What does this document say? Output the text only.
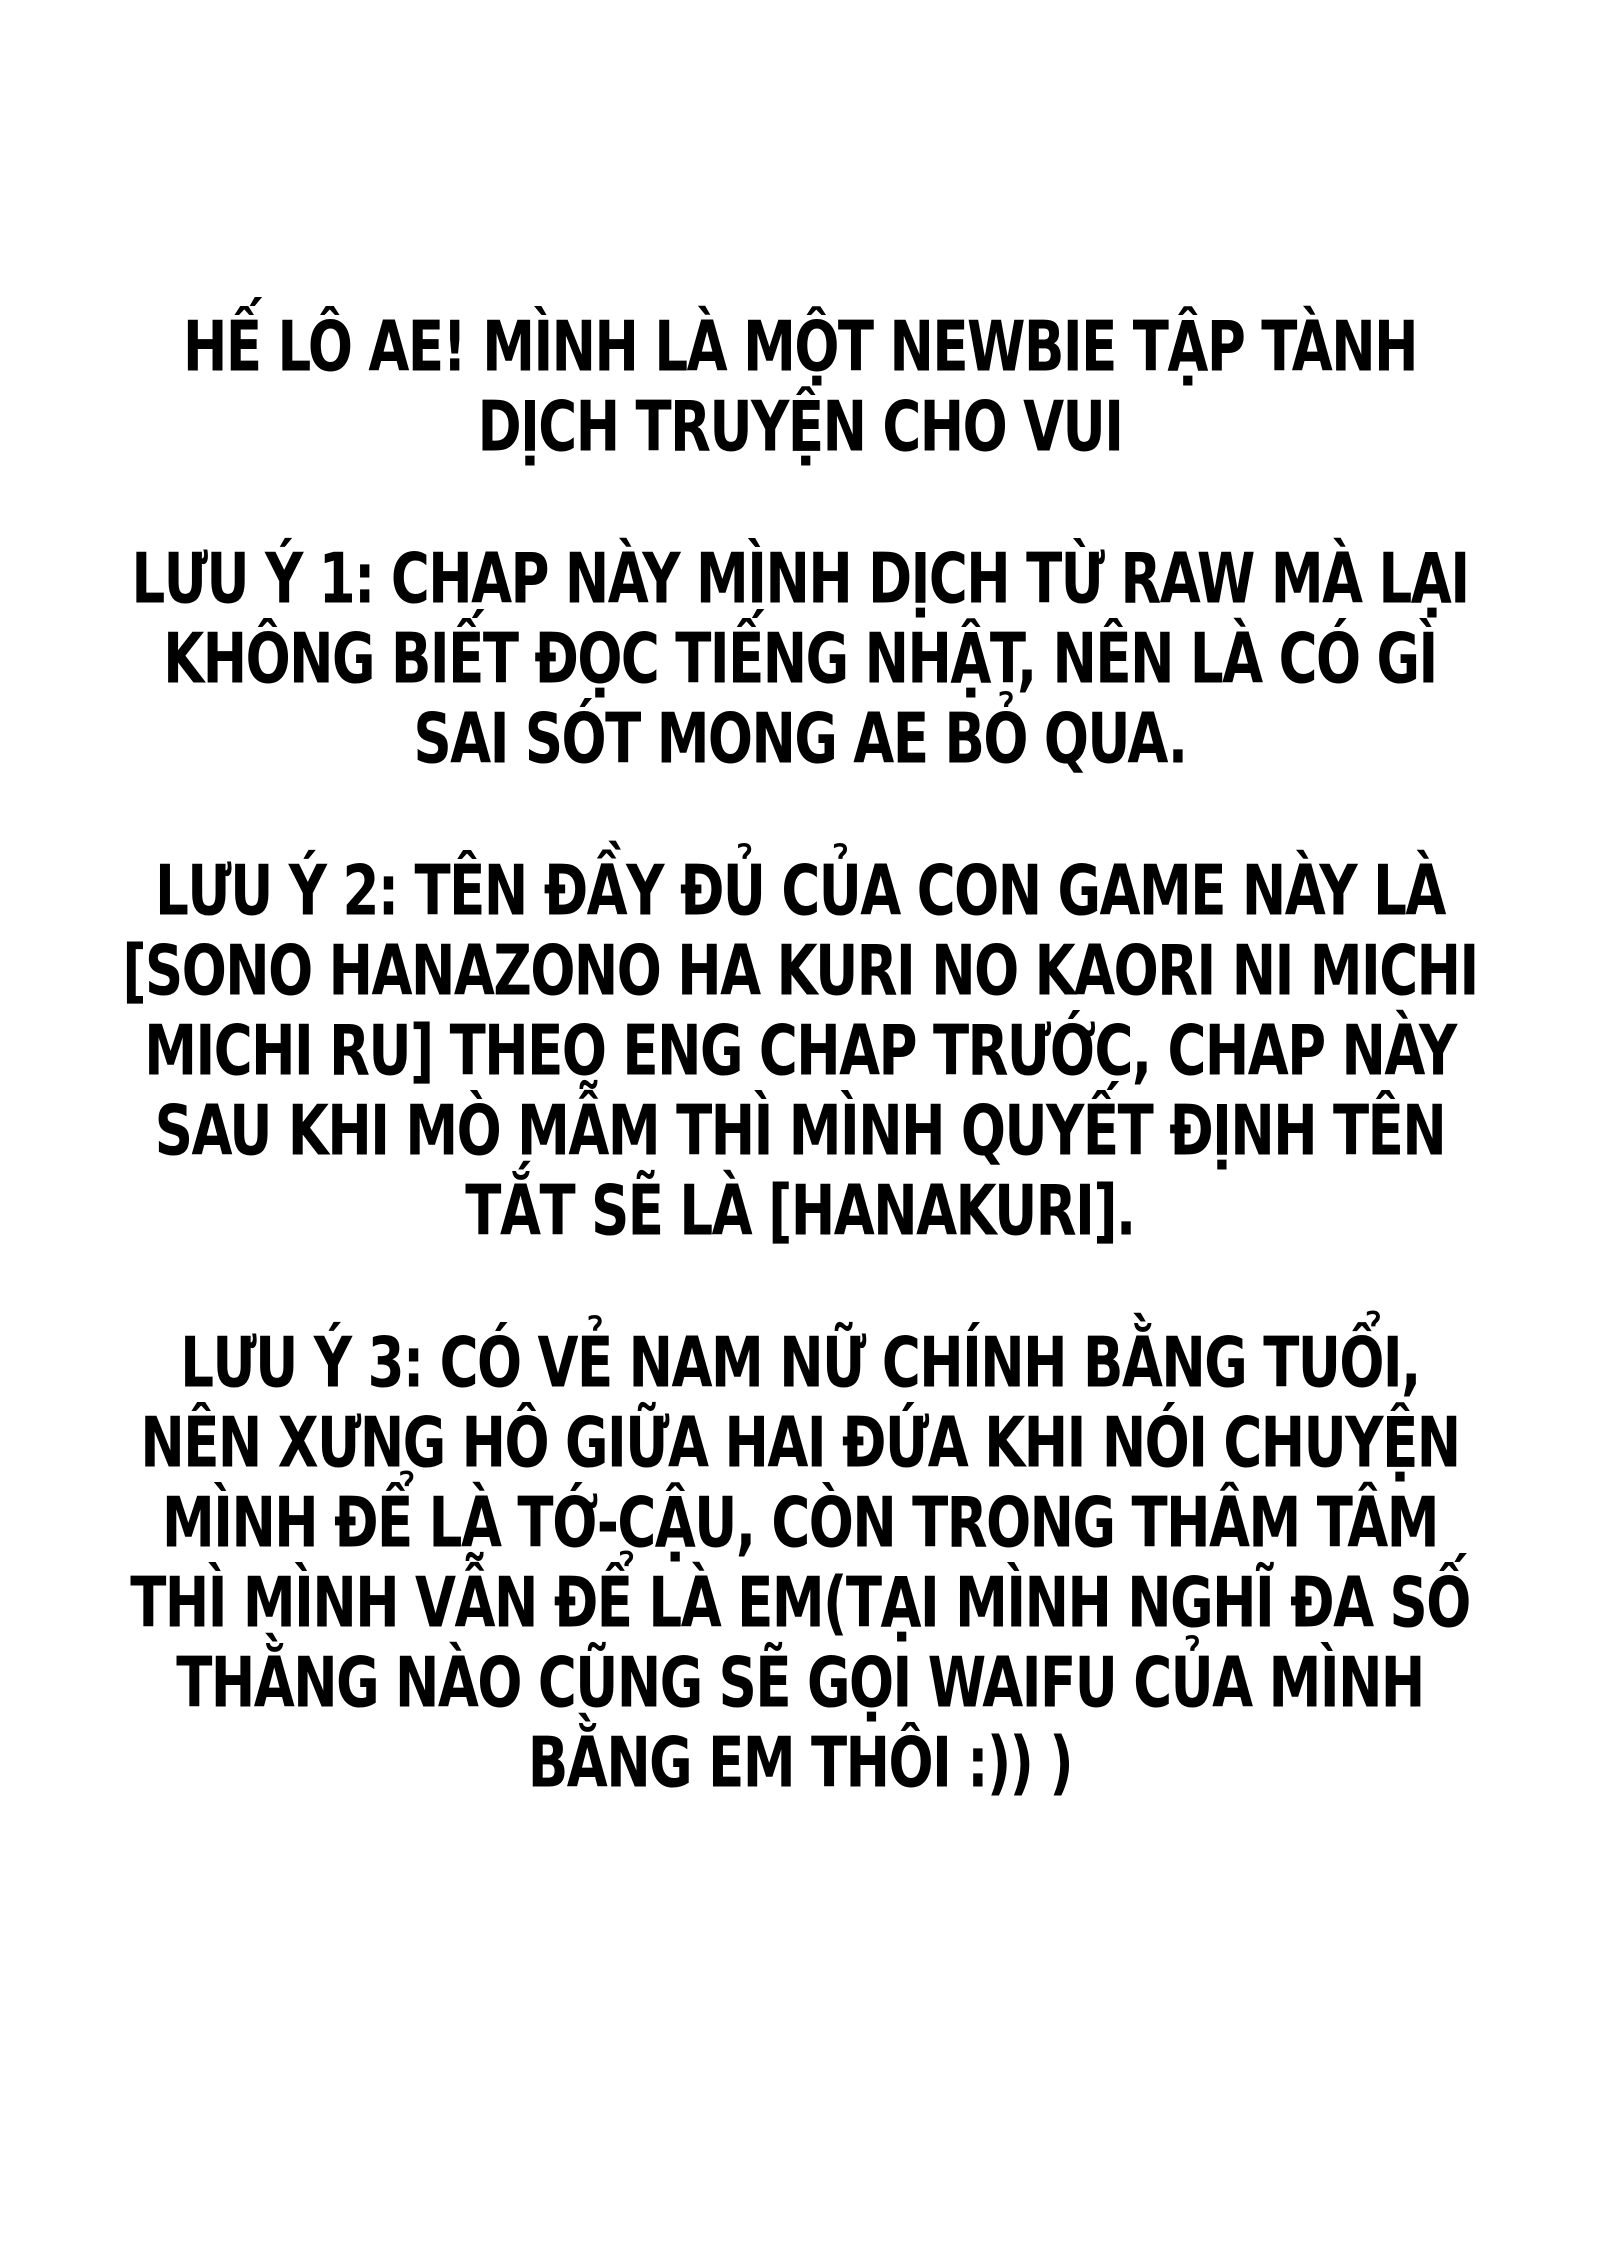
HẾ LÔ AE! MÌNH LÀ MỘT NEWBIE TẬP TÀNH
DỊCH TRUYỆN CHO VUI
LƯU Ý 1: CHAP NÀY MÌNH DỊCH TỪ RAW MÀ LẠI
KHÔNG BIẾT ĐỌC TIẾNG NHẬT, NÊN LÀ CÓ GÌ
SAI SÓT MONG AE BỎ QUA.
LƯU Ý 2: TÊN ĐẦY ĐỦ CỦA CON GAME NÀY LÀ
[SONO HANAZONO HA KURI NO KAORI NI MICHI
MICHI RU] THEO ENG CHAP TRƯỚC, CHAP NÀY
SAU KHI MÒ MẪM THÌ MÌNH QUYẾT ĐỊNH TÊN
TẮT SẼ LÀ [HANAKURI].
LƯU Ý 3: CÓ VẺ NAM NỮ CHÍNH BẰNG TUỔI,
NÊN XƯNG HÔ GIỮA HAI ĐỨA KHI NÓI CHUYỆN
MÌNH ĐỂ LÀ TỚ-CẬU, CÒN TRONG THÂM TÂM
THÌ MÌNH VẪN ĐỂ LÀ EM(TẠI MÌNH NGHĨ ĐA SỐ
THẰNG NÀO CŨNG SẼ GỌI WAIFU CỦA MÌNH
BẰNG EM THÔI :)) )
